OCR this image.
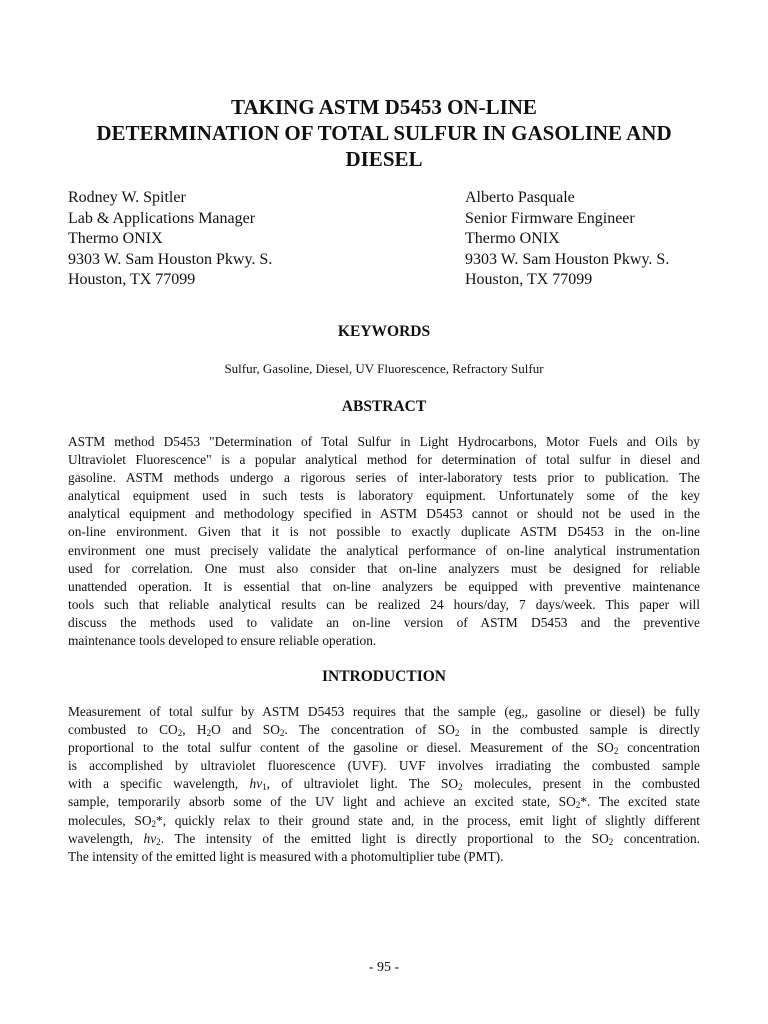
TAKING ASTM D5453 ON-LINE
DETERMINATION OF TOTAL SULFUR IN GASOLINE AND
DIESEL
Rodney W. Spitler
Lab & Applications Manager
Thermo ONIX
9303 W. Sam Houston Pkwy. S.
Houston, TX 77099
Alberto Pasquale
Senior Firmware Engineer
Thermo ONIX
9303 W. Sam Houston Pkwy. S.
Houston, TX 77099
KEYWORDS
Sulfur, Gasoline, Diesel, UV Fluorescence, Refractory Sulfur
ABSTRACT
ASTM method D5453 "Determination of Total Sulfur in Light Hydrocarbons, Motor Fuels and Oils by
Ultraviolet Fluorescence" is a popular analytical method for determination of total sulfur in diesel and
gasoline. ASTM methods undergo a rigorous series of inter-laboratory tests prior to publication. The
analytical equipment used in such tests is laboratory equipment. Unfortunately some of the key
analytical equipment and methodology specified in ASTM D5453 cannot or should not be used in the
on-line environment. Given that it is not possible to exactly duplicate ASTM D5453 in the on-line
environment one must precisely validate the analytical performance of on-line analytical instrumentation
used for correlation. One must also consider that on-line analyzers must be designed for reliable
unattended operation. It is essential that on-line analyzers be equipped with preventive maintenance
tools such that reliable analytical results can be realized 24 hours/day, 7 days/week. This paper will
discuss the methods used to validate an on-line version of ASTM D5453 and the preventive
maintenance tools developed to ensure reliable operation.
INTRODUCTION
Measurement of total sulfur by ASTM D5453 requires that the sample (eg,, gasoline or diesel) be fully
combusted to $CO_2$, $H_2O$ and $SO_2$. The concentration of $SO_2$ in the combusted sample is directly
proportional to the total sulfur content of the gasoline or diesel. Measurement of the $SO_2$ concentration
is accomplished by ultraviolet fluorescence (UVF). UVF involves irradiating the combusted sample
with a specific wavelength, $h\nu_1$, of ultraviolet light. The $SO_2$ molecules, present in the combusted
sample, temporarily absorb some of the UV light and achieve an excited state, $SO_2*$. The excited state
molecules, $SO_2*$, quickly relax to their ground state and, in the process, emit light of slightly different
wavelength, $h\nu_2$. The intensity of the emitted light is directly proportional to the $SO_2$ concentration.
The intensity of the emitted light is measured with a photomultiplier tube (PMT).
- 95 -
